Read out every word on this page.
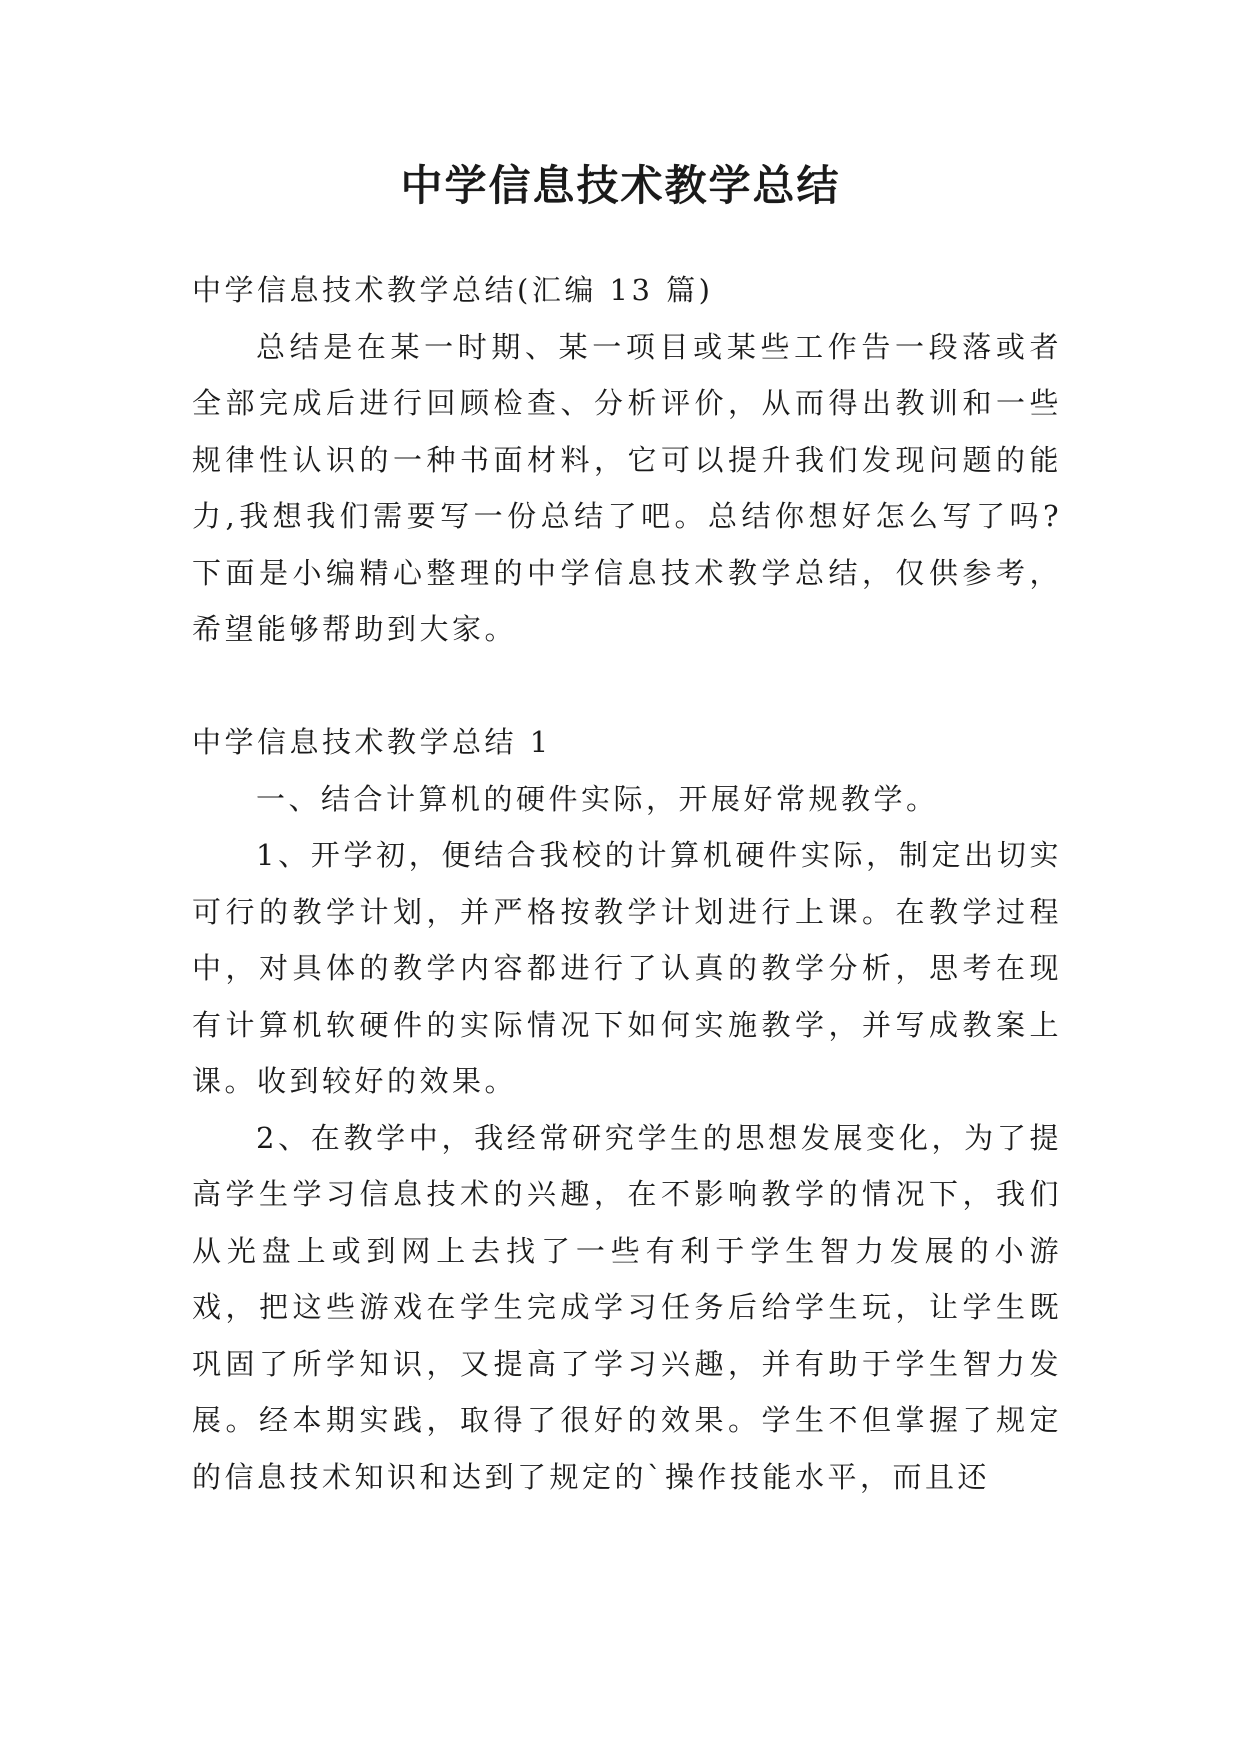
中学信息技术教学总结

中学信息技术教学总结(汇编 13 篇)

总结是在某一时期、某一项目或某些工作告一段落或者全部完成后进行回顾检查、分析评价，从而得出教训和一些规律性认识的一种书面材料，它可以提升我们发现问题的能力,我想我们需要写一份总结了吧。总结你想好怎么写了吗?下面是小编精心整理的中学信息技术教学总结，仅供参考，希望能够帮助到大家。

中学信息技术教学总结 1

一、结合计算机的硬件实际，开展好常规教学。

1、开学初，便结合我校的计算机硬件实际，制定出切实可行的教学计划，并严格按教学计划进行上课。在教学过程中，对具体的教学内容都进行了认真的教学分析，思考在现有计算机软硬件的实际情况下如何实施教学，并写成教案上课。收到较好的效果。

2、在教学中，我经常研究学生的思想发展变化，为了提高学生学习信息技术的兴趣，在不影响教学的情况下，我们从光盘上或到网上去找了一些有利于学生智力发展的小游戏，把这些游戏在学生完成学习任务后给学生玩，让学生既巩固了所学知识，又提高了学习兴趣，并有助于学生智力发展。经本期实践，取得了很好的效果。学生不但掌握了规定的信息技术知识和达到了规定的`操作技能水平，而且还
